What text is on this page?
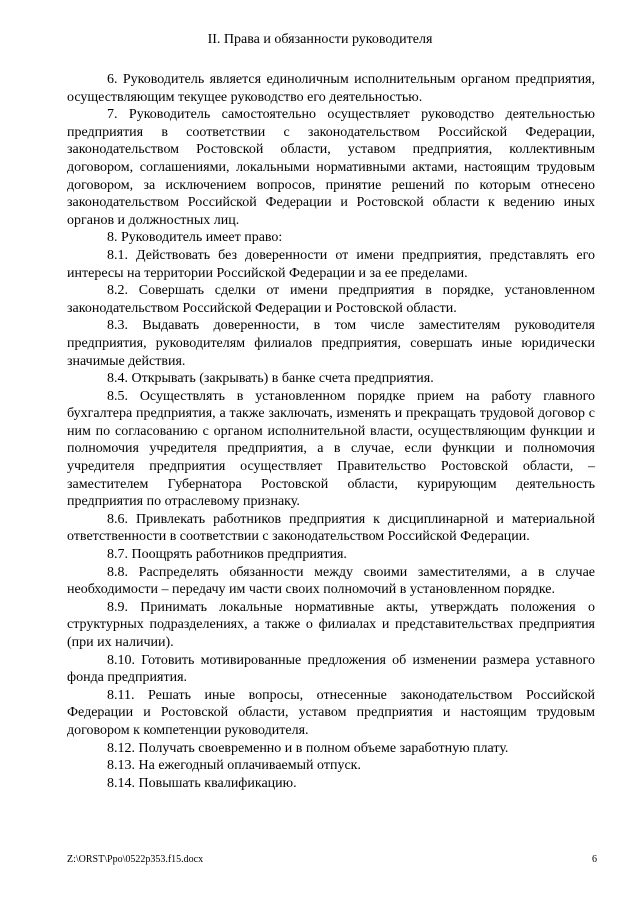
II. Права и обязанности руководителя

6. Руководитель является единоличным исполнительным органом предприятия, осуществляющим текущее руководство его деятельностью.

7. Руководитель самостоятельно осуществляет руководство деятельностью предприятия в соответствии с законодательством Российской Федерации, законодательством Ростовской области, уставом предприятия, коллективным договором, соглашениями, локальными нормативными актами, настоящим трудовым договором, за исключением вопросов, принятие решений по которым отнесено законодательством Российской Федерации и Ростовской области к ведению иных органов и должностных лиц.

8. Руководитель имеет право:

8.1. Действовать без доверенности от имени предприятия, представлять его интересы на территории Российской Федерации и за ее пределами.

8.2. Совершать сделки от имени предприятия в порядке, установленном законодательством Российской Федерации и Ростовской области.

8.3. Выдавать доверенности, в том числе заместителям руководителя предприятия, руководителям филиалов предприятия, совершать иные юридически значимые действия.

8.4. Открывать (закрывать) в банке счета предприятия.

8.5. Осуществлять в установленном порядке прием на работу главного бухгалтера предприятия, а также заключать, изменять и прекращать трудовой договор с ним по согласованию с органом исполнительной власти, осуществляющим функции и полномочия учредителя предприятия, а в случае, если функции и полномочия учредителя предприятия осуществляет Правительство Ростовской области, – заместителем Губернатора Ростовской области, курирующим деятельность предприятия по отраслевому признаку.

8.6. Привлекать работников предприятия к дисциплинарной и материальной ответственности в соответствии с законодательством Российской Федерации.

8.7. Поощрять работников предприятия.

8.8. Распределять обязанности между своими заместителями, а в случае необходимости – передачу им части своих полномочий в установленном порядке.

8.9. Принимать локальные нормативные акты, утверждать положения о структурных подразделениях, а также о филиалах и представительствах предприятия (при их наличии).

8.10. Готовить мотивированные предложения об изменении размера уставного фонда предприятия.

8.11. Решать иные вопросы, отнесенные законодательством Российской Федерации и Ростовской области, уставом предприятия и настоящим трудовым договором к компетенции руководителя.

8.12. Получать своевременно и в полном объеме заработную плату.

8.13. На ежегодный оплачиваемый отпуск.

8.14. Повышать квалификацию.

Z:\ORST\Ppo\0522p353.f15.docx	6
